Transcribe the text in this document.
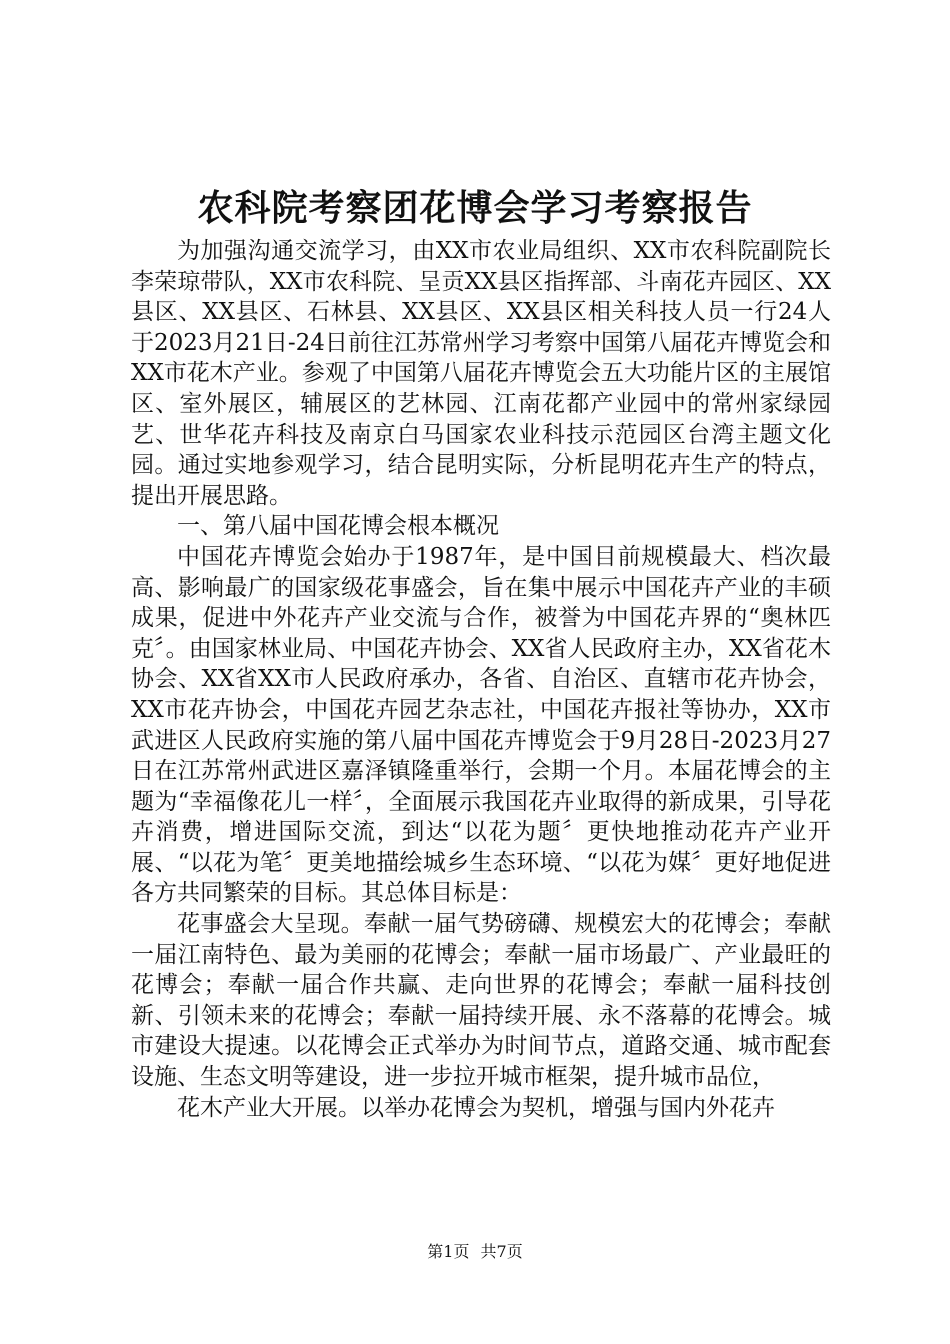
农科院考察团花博会学习考察报告

为加强沟通交流学习，由XX市农业局组织、XX市农科院副院长李荣琼带队，XX市农科院、呈贡XX县区指挥部、斗南花卉园区、XX县区、XX县区、石林县、XX县区、XX县区相关科技人员一行24人于2023月21日-24日前往江苏常州学习考察中国第八届花卉博览会和XX市花木产业。参观了中国第八届花卉博览会五大功能片区的主展馆区、室外展区，辅展区的艺林园、江南花都产业园中的常州家绿园艺、世华花卉科技及南京白马国家农业科技示范园区台湾主题文化园。通过实地参观学习，结合昆明实际，分析昆明花卉生产的特点，提出开展思路。

一、第八届中国花博会根本概况

中国花卉博览会始办于1987年，是中国目前规模最大、档次最高、影响最广的国家级花事盛会，旨在集中展示中国花卉产业的丰硕成果，促进中外花卉产业交流与合作，被誉为中国花卉界的“奥林匹克〞。由国家林业局、中国花卉协会、XX省人民政府主办，XX省花木协会、XX省XX市人民政府承办，各省、自治区、直辖市花卉协会，XX市花卉协会，中国花卉园艺杂志社，中国花卉报社等协办，XX市武进区人民政府实施的第八届中国花卉博览会于9月28日-2023月27日在江苏常州武进区嘉泽镇隆重举行，会期一个月。本届花博会的主题为“幸福像花儿一样〞，全面展示我国花卉业取得的新成果，引导花卉消费，增进国际交流，到达“以花为题〞更快地推动花卉产业开展、“以花为笔〞更美地描绘城乡生态环境、“以花为媒〞更好地促进各方共同繁荣的目标。其总体目标是：

花事盛会大呈现。奉献一届气势磅礴、规模宏大的花博会；奉献一届江南特色、最为美丽的花博会；奉献一届市场最广、产业最旺的花博会；奉献一届合作共赢、走向世界的花博会；奉献一届科技创新、引领未来的花博会；奉献一届持续开展、永不落幕的花博会。城市建设大提速。以花博会正式举办为时间节点，道路交通、城市配套设施、生态文明等建设，进一步拉开城市框架，提升城市品位，

花木产业大开展。以举办花博会为契机，增强与国内外花卉

第1页 共7页
